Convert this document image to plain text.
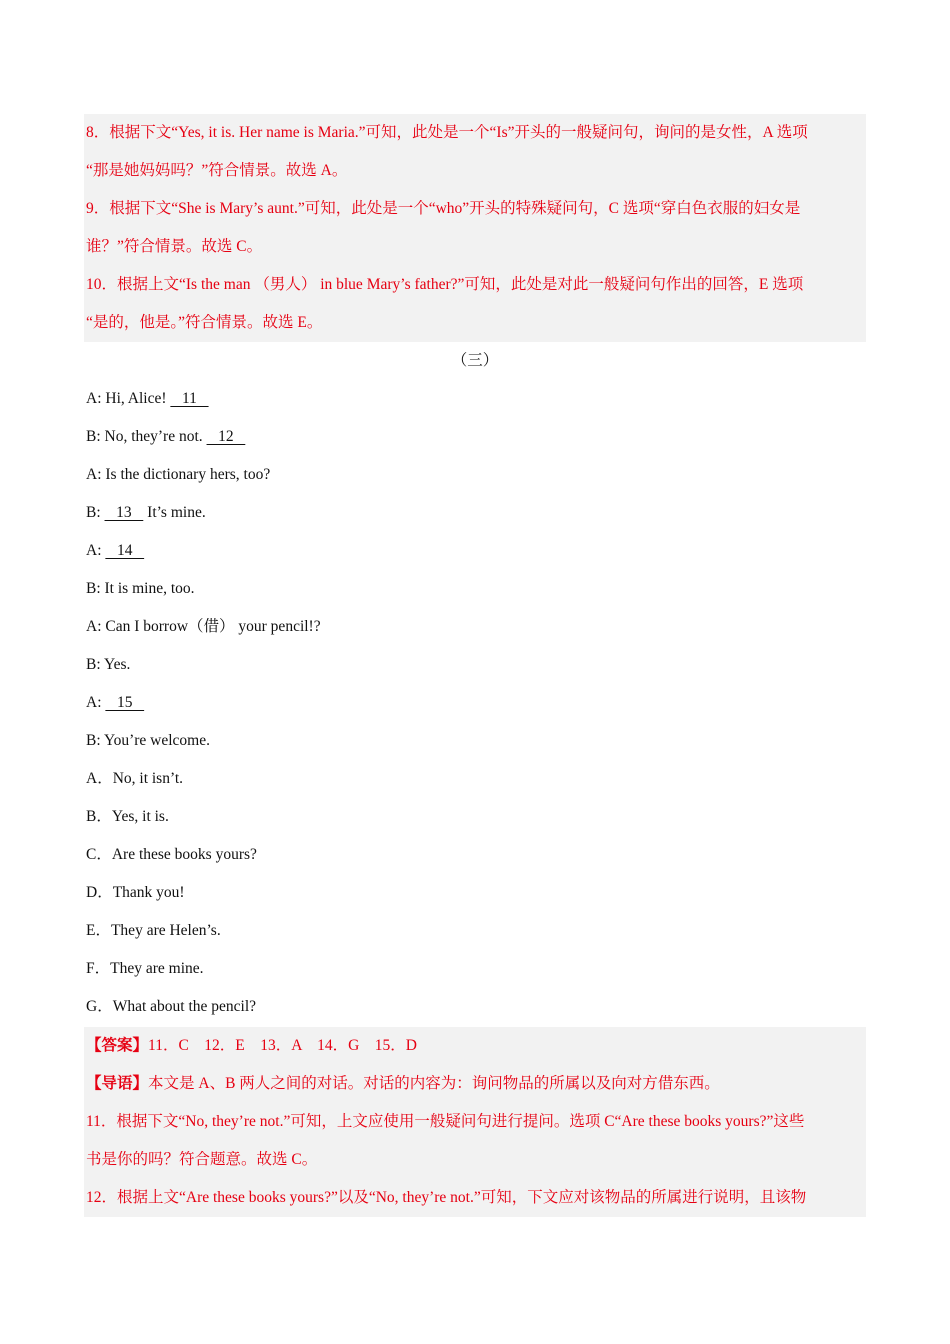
8．根据下文“Yes, it is. Her name is Maria.”可知，此处是一个“Is”开头的一般疑问句，询问的是女性，A 选项
“那是她妈妈吗？”符合情景。故选 A。
9．根据下文“She is Mary’s aunt.”可知，此处是一个“who”开头的特殊疑问句，C 选项“穿白色衣服的妇女是
谁？”符合情景。故选 C。
10．根据上文“Is the man （男人） in blue Mary’s father?”可知，此处是对此一般疑问句作出的回答，E 选项
“是的，他是。”符合情景。故选 E。
（三）
A: Hi, Alice!    11
B: No, they’re not.    12
A: Is the dictionary hers, too?
B:    13    It’s mine.
A:    14
B: It is mine, too.
A: Can I borrow（借） your pencil!?
B: Yes.
A:    15
B: You’re welcome.
A．No, it isn’t.
B．Yes, it is.
C．Are these books yours?
D．Thank you!
E．They are Helen’s.
F．They are mine.
G．What about the pencil?
【答案】11．C　12．E　13．A　14．G　15．D
【导语】本文是 A、B 两人之间的对话。对话的内容为：询问物品的所属以及向对方借东西。
11．根据下文“No, they’re not.”可知，上文应使用一般疑问句进行提问。选项 C“Are these books yours?”这些
书是你的吗？符合题意。故选 C。
12．根据上文“Are these books yours?”以及“No, they’re not.”可知，下文应对该物品的所属进行说明，且该物
